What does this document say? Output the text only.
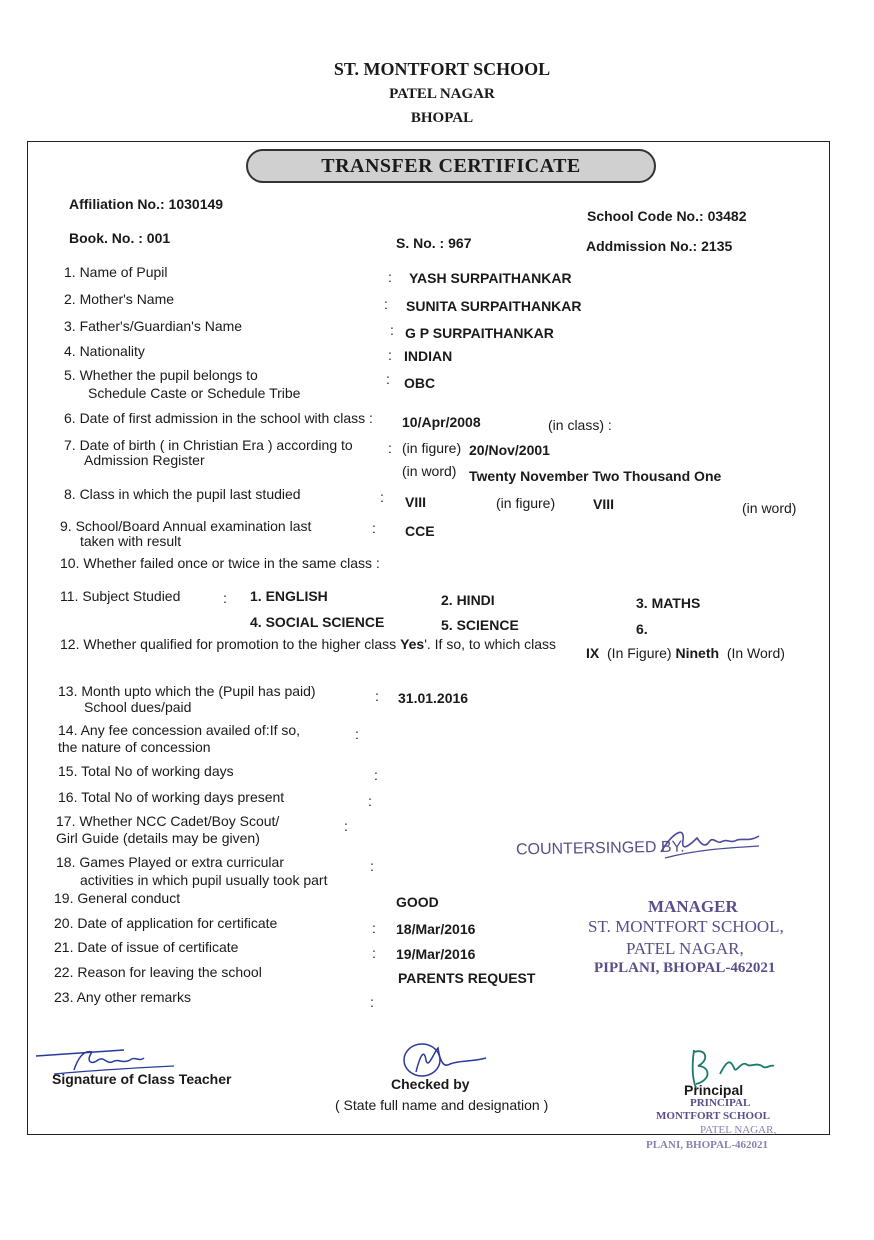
ST. MONTFORT SCHOOL
PATEL NAGAR
BHOPAL
TRANSFER CERTIFICATE
Affiliation No.: 1030149
School Code No.: 03482
Book. No. : 001	S. No. : 967	Addmission No.: 2135
1. Name of Pupil	: YASH SURPAITHANKAR
2. Mother's Name	: SUNITA SURPAITHANKAR
3. Father's/Guardian's Name	: G P SURPAITHANKAR
4. Nationality	: INDIAN
5. Whether the pupil belongs to
Schedule Caste or Schedule Tribe
: OBC
6. Date of first admission in the school with class : 10/Apr/2008	(in class) :
7. Date of birth ( in Christian Era ) according to
Admission Register
: (in figure) 20/Nov/2001
(in word) Twenty November Two Thousand One
8. Class in which the pupil last studied	: VIII	(in figure)	VIII	(in word)
9. School/Board Annual examination last
taken with result
: CCE
10. Whether failed once or twice in the same class :
11. Subject Studied	: 1. ENGLISH	2. HINDI	3. MATHS
4. SOCIAL SCIENCE	5. SCIENCE	6.
12. Whether qualified for promotion to the higher class Yes'. If so, to which class
IX (In Figure) Nineth (In Word)
13. Month upto which the (Pupil has paid)
School dues/paid
: 31.01.2016
14. Any fee concession availed of:If so,
the nature of concession
:
15. Total No of working days	:
16. Total No of working days present	:
17. Whether NCC Cadet/Boy Scout/
Girl Guide (details may be given)
:
18. Games Played or extra curricular
activities in which pupil usually took part
:
19. General conduct	GOOD
20. Date of application for certificate	: 18/Mar/2016
21. Date of issue of certificate	: 19/Mar/2016
22. Reason for leaving the school	PARENTS REQUEST
23. Any other remarks	:
COUNTERSINGED BY.
MANAGER
ST. MONTFORT SCHOOL,
PATEL NAGAR,
PIPLANI, BHOPAL-462021
Signature of Class Teacher	Checked by
( State full name and designation )
Principal
PRINCIPAL
MONTFORT SCHOOL
PATEL NAGAR,
PLANI, BHOPAL-462021
